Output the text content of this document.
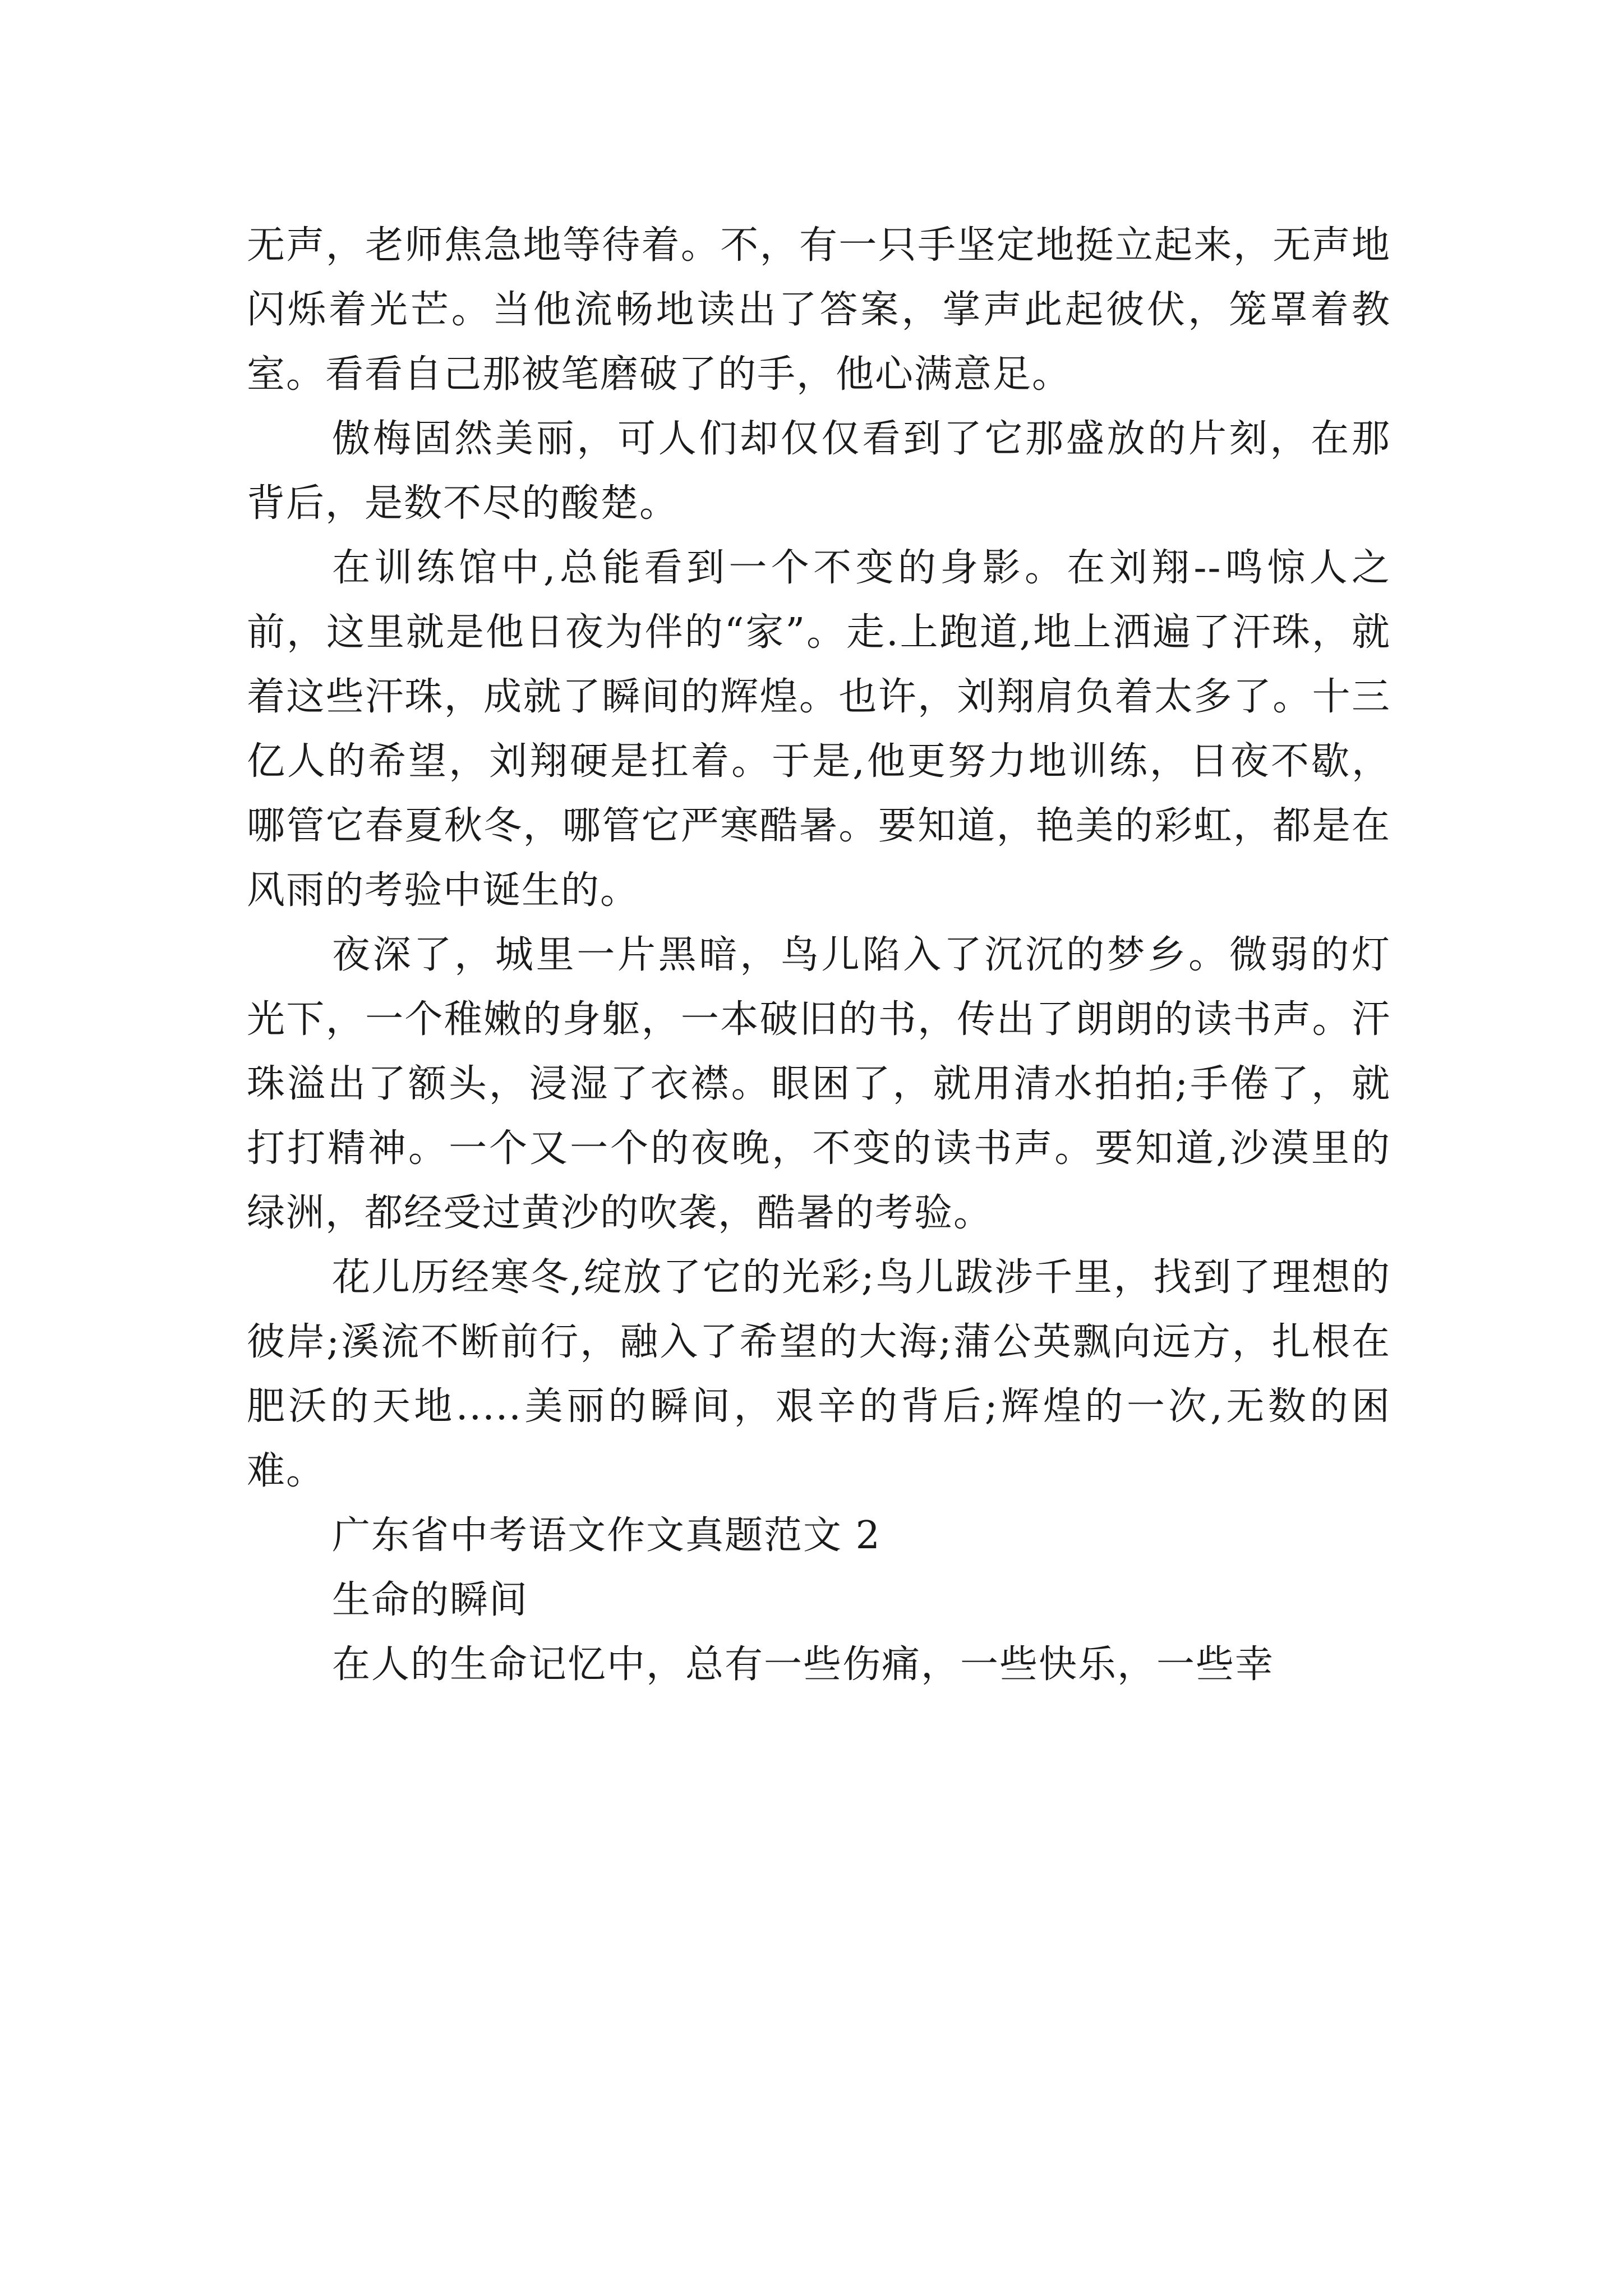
无声，老师焦急地等待着。不，有一只手坚定地挺立起来，无声地闪烁着光芒。当他流畅地读出了答案，掌声此起彼伏，笼罩着教室。看看自己那被笔磨破了的手，他心满意足。

傲梅固然美丽，可人们却仅仅看到了它那盛放的片刻，在那背后，是数不尽的酸楚。

在训练馆中,总能看到一个不变的身影。在刘翔--鸣惊人之前，这里就是他日夜为伴的“家”。走.上跑道,地上洒遍了汗珠，就着这些汗珠，成就了瞬间的辉煌。也许，刘翔肩负着太多了。十三亿人的希望，刘翔硬是扛着。于是,他更努力地训练，日夜不歇，哪管它春夏秋冬，哪管它严寒酷暑。要知道，艳美的彩虹，都是在风雨的考验中诞生的。

夜深了，城里一片黑暗，鸟儿陷入了沉沉的梦乡。微弱的灯光下，一个稚嫩的身躯，一本破旧的书，传出了朗朗的读书声。汗珠溢出了额头，浸湿了衣襟。眼困了，就用清水拍拍;手倦了，就打打精神。一个又一个的夜晚，不变的读书声。要知道,沙漠里的绿洲，都经受过黄沙的吹袭，酷暑的考验。

花儿历经寒冬,绽放了它的光彩;鸟儿跋涉千里，找到了理想的彼岸;溪流不断前行，融入了希望的大海;蒲公英飘向远方，扎根在肥沃的天地.....美丽的瞬间，艰辛的背后;辉煌的一次,无数的困难。

广东省中考语文作文真题范文 2

生命的瞬间

在人的生命记忆中，总有一些伤痛，一些快乐，一些幸
